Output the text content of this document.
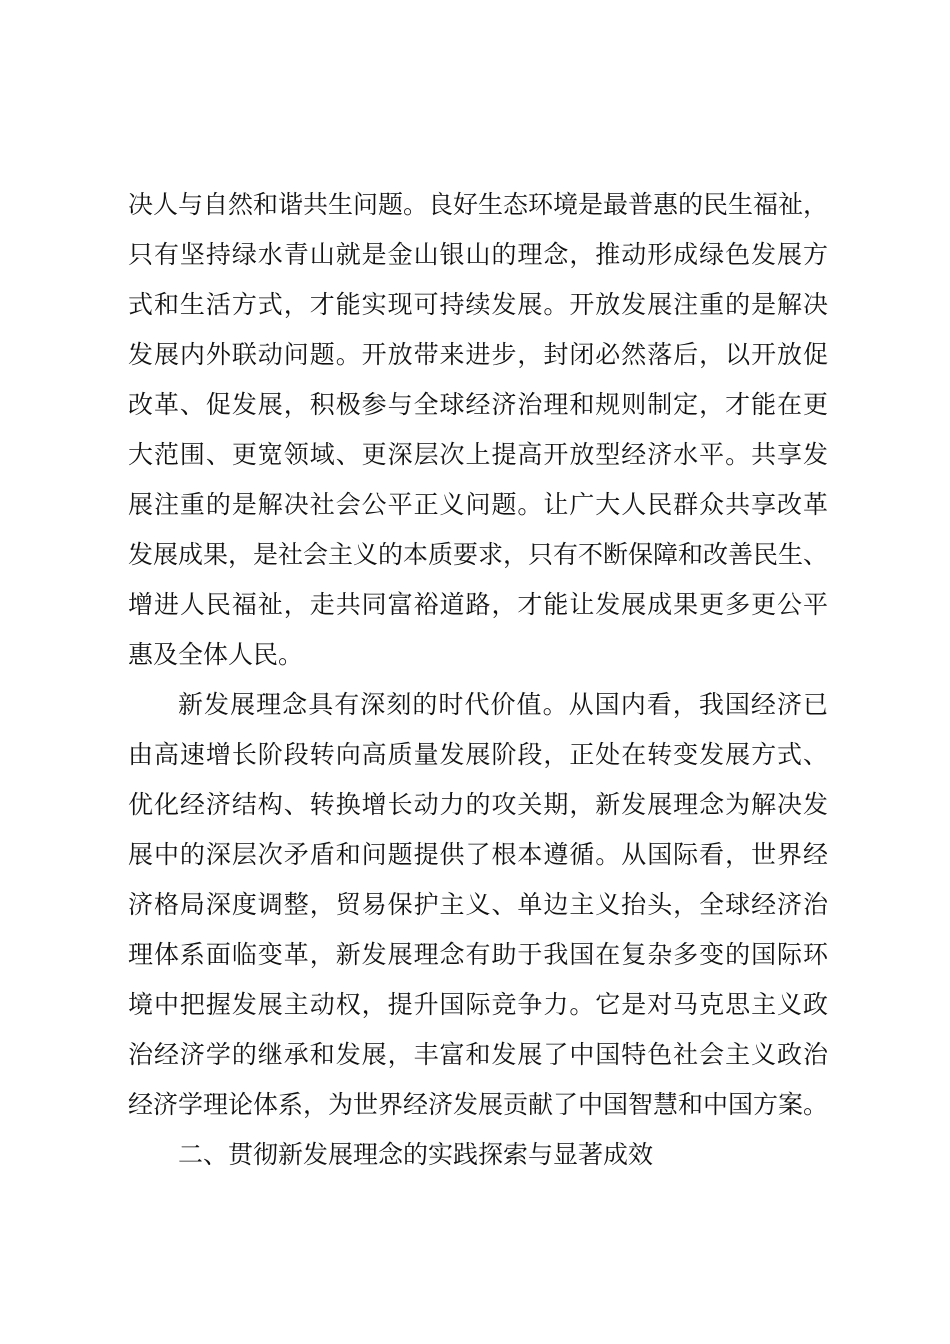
决人与自然和谐共生问题。良好生态环境是最普惠的民生福祉，
只有坚持绿水青山就是金山银山的理念，推动形成绿色发展方
式和生活方式，才能实现可持续发展。开放发展注重的是解决
发展内外联动问题。开放带来进步，封闭必然落后，以开放促
改革、促发展，积极参与全球经济治理和规则制定，才能在更
大范围、更宽领域、更深层次上提高开放型经济水平。共享发
展注重的是解决社会公平正义问题。让广大人民群众共享改革
发展成果，是社会主义的本质要求，只有不断保障和改善民生、
增进人民福祉，走共同富裕道路，才能让发展成果更多更公平
惠及全体人民。
新发展理念具有深刻的时代价值。从国内看，我国经济已
由高速增长阶段转向高质量发展阶段，正处在转变发展方式、
优化经济结构、转换增长动力的攻关期，新发展理念为解决发
展中的深层次矛盾和问题提供了根本遵循。从国际看，世界经
济格局深度调整，贸易保护主义、单边主义抬头，全球经济治
理体系面临变革，新发展理念有助于我国在复杂多变的国际环
境中把握发展主动权，提升国际竞争力。它是对马克思主义政
治经济学的继承和发展，丰富和发展了中国特色社会主义政治
经济学理论体系，为世界经济发展贡献了中国智慧和中国方案。
二、贯彻新发展理念的实践探索与显著成效
